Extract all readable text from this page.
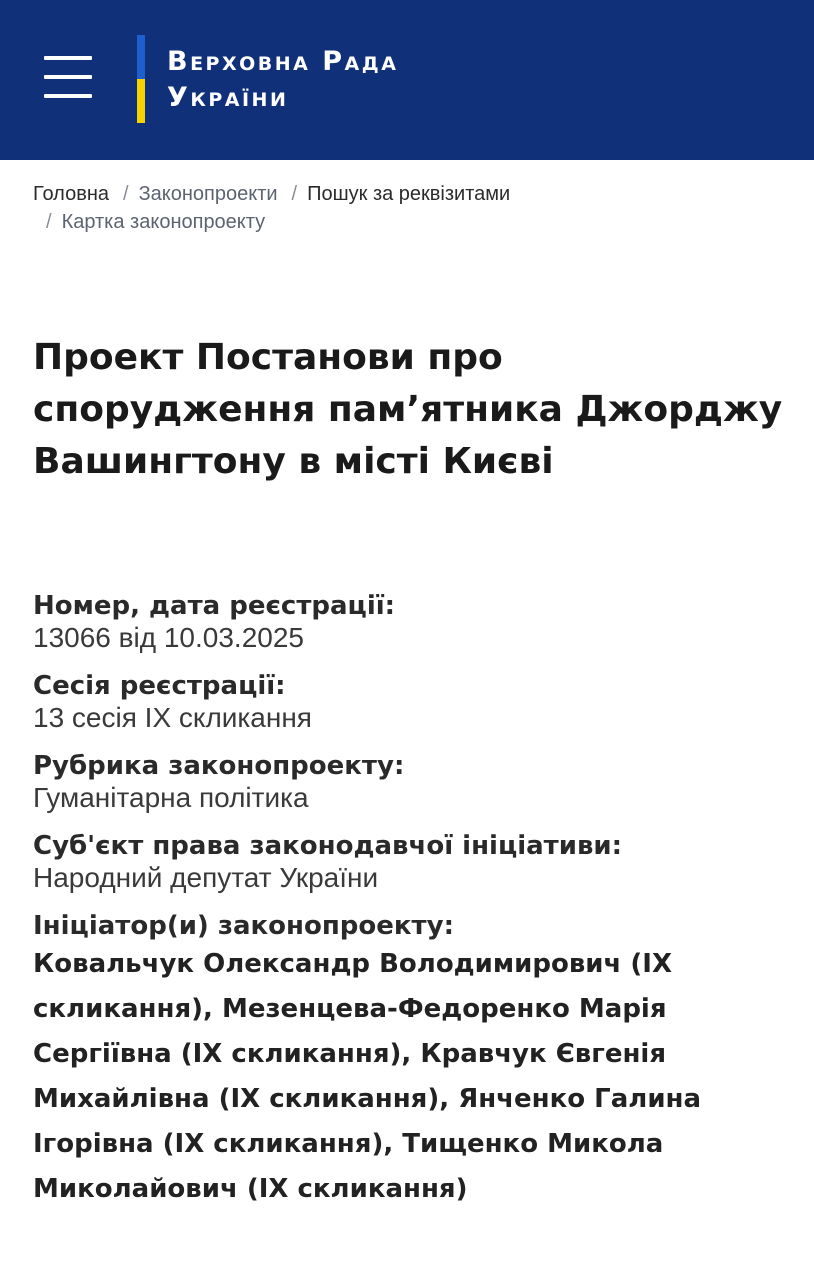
Верховна Рада
України
Головна / Законопроекти / Пошук за реквізитами
/ Картка законопроекту
Проект Постанови про спорудження пам’ятника Джорджу Вашингтону в місті Києві
Номер, дата реєстрації:
13066 від 10.03.2025
Сесія реєстрації:
13 сесія IX скликання
Рубрика законопроекту:
Гуманітарна політика
Суб'єкт права законодавчої ініціативи:
Народний депутат України
Ініціатор(и) законопроекту:
Ковальчук Олександр Володимирович (IX скликання), Мезенцева-Федоренко Марія Сергіївна (IX скликання), Кравчук Євгенія Михайлівна (IX скликання), Янченко Галина Ігорівна (IX скликання), Тищенко Микола Миколайович (IX скликання)
